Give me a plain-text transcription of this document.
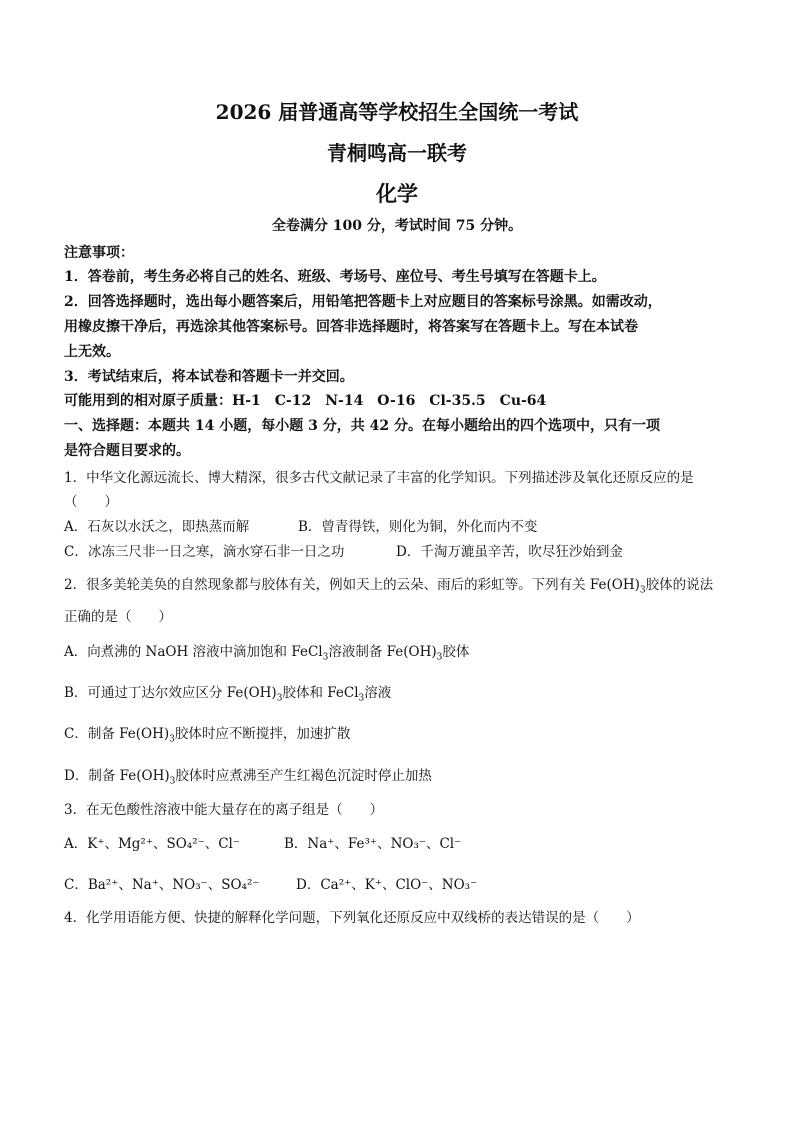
2026 届普通高等学校招生全国统一考试
青桐鸣高一联考
化学
全卷满分 100 分，考试时间 75 分钟。
注意事项：
1．答卷前，考生务必将自己的姓名、班级、考场号、座位号、考生号填写在答题卡上。
2．回答选择题时，选出每小题答案后，用铅笔把答题卡上对应题目的答案标号涂黑。如需改动，
用橡皮擦干净后，再选涂其他答案标号。回答非选择题时，将答案写在答题卡上。写在本试卷
上无效。
3．考试结束后，将本试卷和答题卡一并交回。
可能用到的相对原子质量：H-1　C-12　N-14　O-16　Cl-35.5　Cu-64
一、选择题：本题共 14 小题，每小题 3 分，共 42 分。在每小题给出的四个选项中，只有一项
是符合题目要求的。
1．中华文化源远流长、博大精深，很多古代文献记录了丰富的化学知识。下列描述涉及氧化还原反应的是
（　　）
A．石灰以水沃之，即热蒸而解	B．曾青得铁，则化为铜，外化而内不变
C．冰冻三尺非一日之寒，滴水穿石非一日之功	D．千淘万漉虽辛苦，吹尽狂沙始到金
2．很多美轮美奂的自然现象都与胶体有关，例如天上的云朵、雨后的彩虹等。下列有关 $Fe(OH)_3$胶体的说法
正确的是（　　）
A．向煮沸的 NaOH 溶液中滴加饱和 FeCl$_3$溶液制备 $Fe(OH)_3$胶体
B．可通过丁达尔效应区分 $Fe(OH)_3$胶体和 FeCl$_3$溶液
C．制备 $Fe(OH)_3$胶体时应不断搅拌，加速扩散
D．制备 $Fe(OH)_3$胶体时应煮沸至产生红褐色沉淀时停止加热
3．在无色酸性溶液中能大量存在的离子组是（　　）
A．K⁺、Mg²⁺、SO₄²⁻、Cl⁻	B．Na⁺、Fe³⁺、NO₃⁻、Cl⁻
C．Ba²⁺、Na⁺、NO₃⁻、SO₄²⁻	D．Ca²⁺、K⁺、ClO⁻、NO₃⁻
4．化学用语能方便、快捷的解释化学问题，下列氧化还原反应中双线桥的表达错误的是（　　）
